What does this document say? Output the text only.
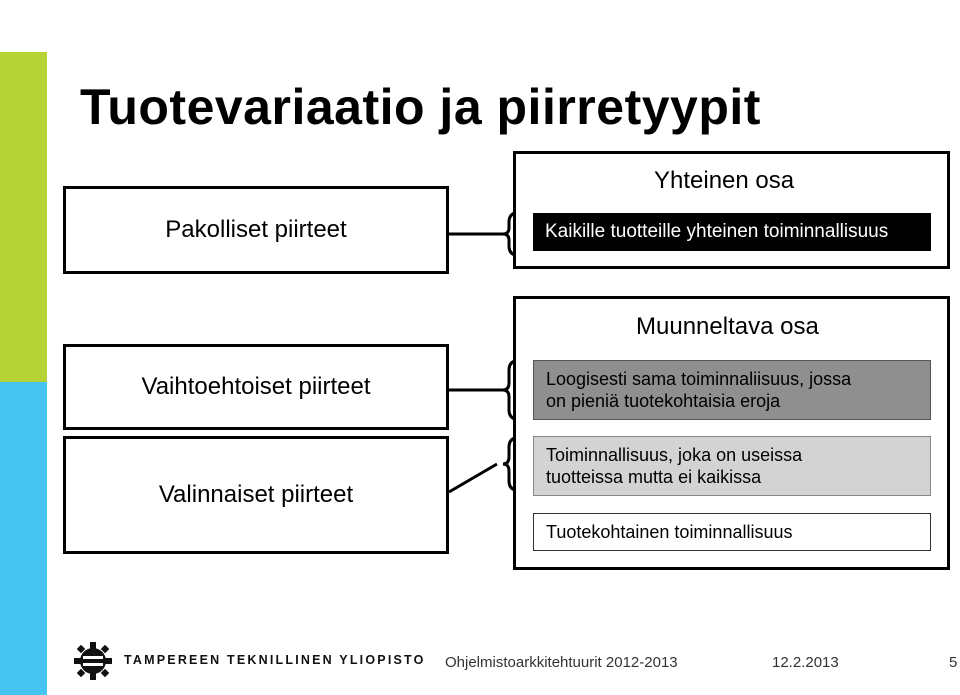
Tuotevariaatio ja piirretyypit
Pakolliset piirteet
Vaihtoehtoiset piirteet
Valinnaiset piirteet
Yhteinen osa
Kaikille tuotteille yhteinen toiminnallisuus
Muunneltava osa
Loogisesti sama toiminnaliisuus, jossa
on pieniä tuotekohtaisia eroja
Toiminnallisuus, joka on useissa
tuotteissa mutta ei kaikissa
Tuotekohtainen toiminnallisuus
TAMPEREEN TEKNILLINEN YLIOPISTO Ohjelmistoarkkitehtuurit 2012-2013	12.2.2013	5
